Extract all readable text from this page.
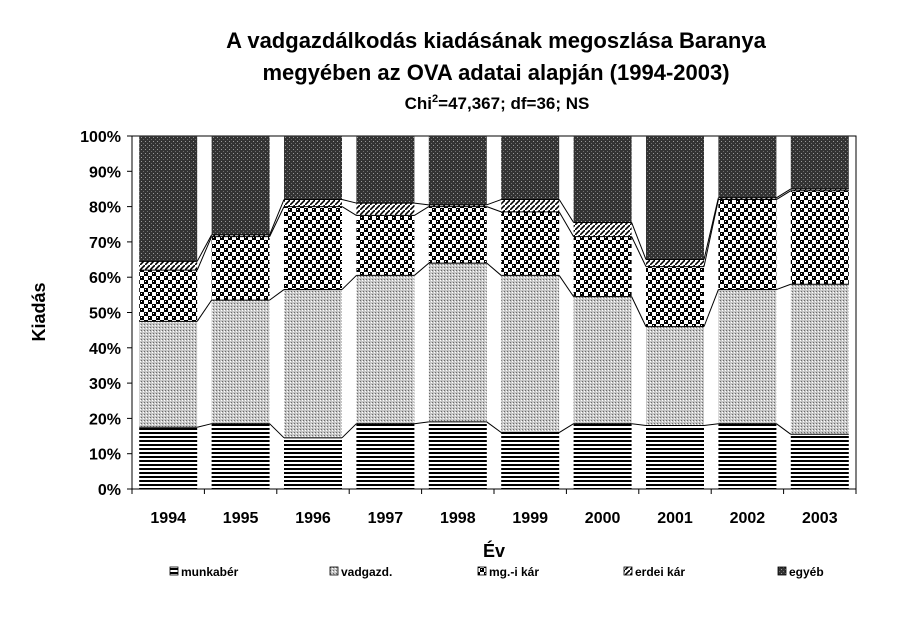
A vadgazdálkodás kiadásának megoszlása Baranya
megyében az OVA adatai alapján (1994-2003)
Chi$^2$=47,367; df=36; NS
0%
10%
20%
30%
40%
50%
60%
70%
80%
90%
100%
1994 1995 1996 1997 1998 1999 2000 2001 2002 2003
Év
Kiadás
munkabér	vadgazd.	mg.-i kár	erdei kár	egyéb
